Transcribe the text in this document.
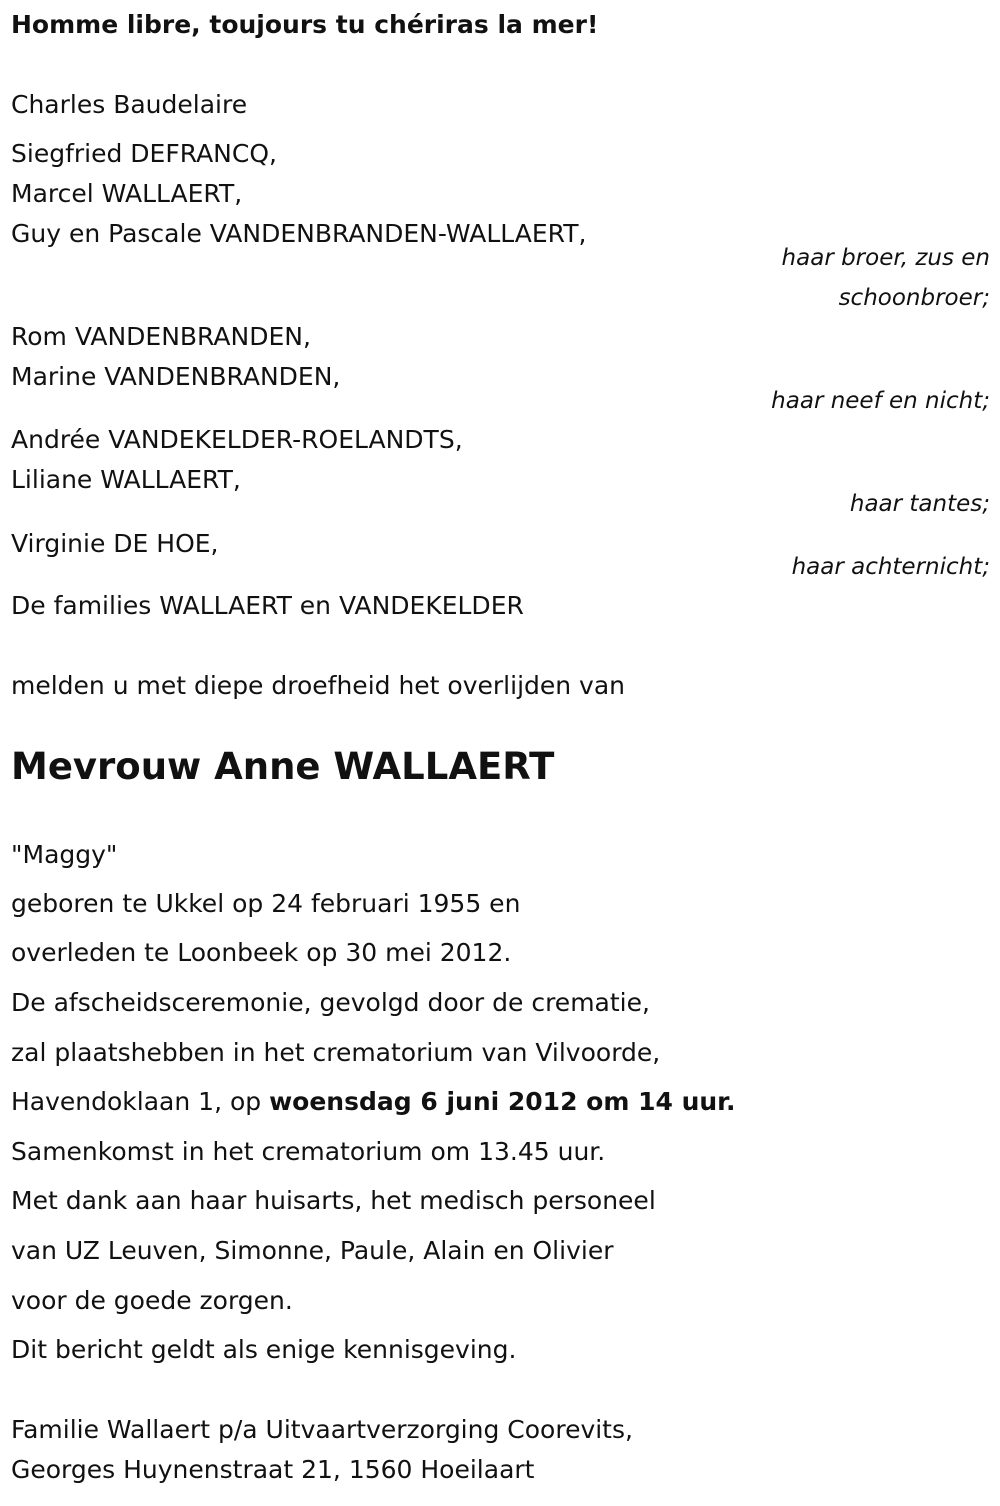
Homme libre, toujours tu chériras la mer!
Charles Baudelaire
Siegfried DEFRANCQ,
Marcel WALLAERT,
Guy en Pascale VANDENBRANDEN-WALLAERT,
haar broer, zus en
schoonbroer;
Rom VANDENBRANDEN,
Marine VANDENBRANDEN,
haar neef en nicht;
Andrée VANDEKELDER-ROELANDTS,
Liliane WALLAERT,
haar tantes;
Virginie DE HOE,
haar achternicht;
De families WALLAERT en VANDEKELDER
melden u met diepe droefheid het overlijden van
Mevrouw Anne WALLAERT
"Maggy"
geboren te Ukkel op 24 februari 1955 en
overleden te Loonbeek op 30 mei 2012.
De afscheidsceremonie, gevolgd door de crematie,
zal plaatshebben in het crematorium van Vilvoorde,
Havendoklaan 1, op woensdag 6 juni 2012 om 14 uur.
Samenkomst in het crematorium om 13.45 uur.
Met dank aan haar huisarts, het medisch personeel
van UZ Leuven, Simonne, Paule, Alain en Olivier
voor de goede zorgen.
Dit bericht geldt als enige kennisgeving.
Familie Wallaert p/a Uitvaartverzorging Coorevits,
Georges Huynenstraat 21, 1560 Hoeilaart
